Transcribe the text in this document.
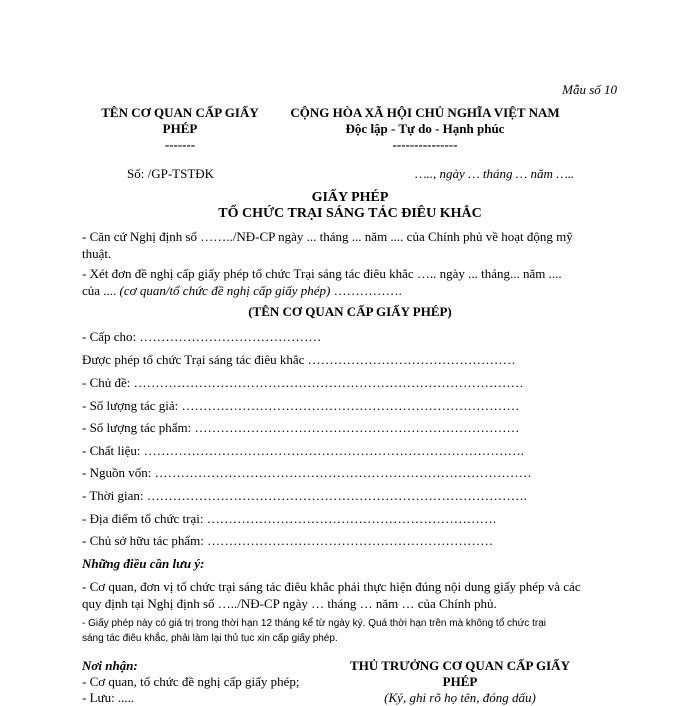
Mẫu số 10
TÊN CƠ QUAN CẤP GIẤY
PHÉP
-------
CỘNG HÒA XÃ HỘI CHỦ NGHĨA VIỆT NAM
Độc lập - Tự do - Hạnh phúc
---------------
Số: /GP-TSTĐK	….., ngày … tháng … năm …..
GIẤY PHÉP
TỔ CHỨC TRẠI SÁNG TÁC ĐIÊU KHẮC
- Căn cứ Nghị định số ……../NĐ-CP ngày ... tháng ... năm .... của Chính phủ về hoạt động mỹ
thuật.
- Xét đơn đề nghị cấp giấy phép tổ chức Trại sáng tác điêu khắc ….. ngày ... tháng... năm ....
của .... (cơ quan/tổ chức đề nghị cấp giấy phép) …………….
(TÊN CƠ QUAN CẤP GIẤY PHÉP)
- Cấp cho: ……………………………………
Được phép tổ chức Trại sáng tác điêu khắc …………………………………………
- Chủ đề: ………………………………………………………………………………
- Số lượng tác giả: ……………………………………………………………………
- Số lượng tác phẩm: …………………………………………………………………
- Chất liệu: …………………………………………………………………………….
- Nguồn vốn: ……………………………………………………………………………
- Thời gian: …………………………………………………………………………….
- Địa điểm tổ chức trại: ………………………………………………………….
- Chủ sở hữu tác phẩm: …………………………………………………………
Những điều cần lưu ý:
- Cơ quan, đơn vị tổ chức trại sáng tác điêu khắc phải thực hiện đúng nội dung giấy phép và các
quy định tại Nghị định số …../NĐ-CP ngày … tháng … năm … của Chính phủ.
- Giấy phép này có giá trị trong thời hạn 12 tháng kể từ ngày ký. Quá thời hạn trên mà không tổ chức trại
sáng tác điêu khắc, phải làm lại thủ tục xin cấp giấy phép.
Nơi nhận:
- Cơ quan, tổ chức đề nghị cấp giấy phép;
- Lưu: .....
THỦ TRƯỞNG CƠ QUAN CẤP GIẤY
PHÉP
(Ký, ghi rõ họ tên, đóng dấu)
